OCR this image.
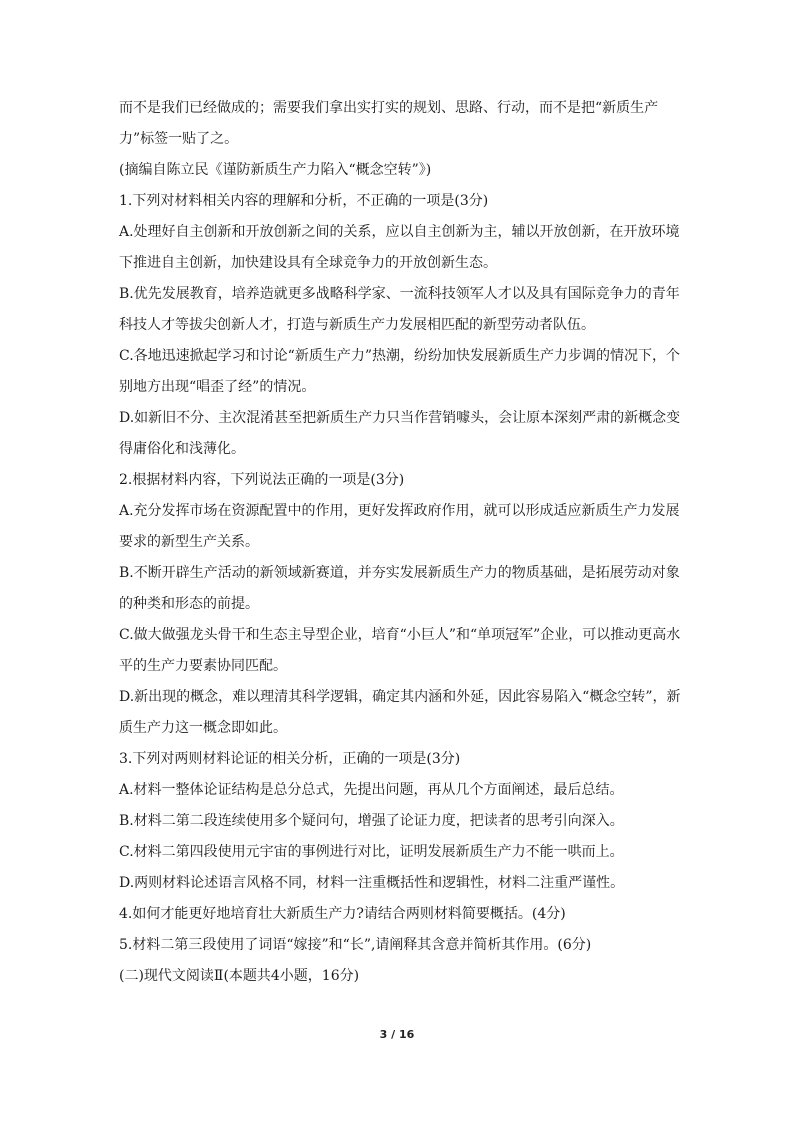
而不是我们已经做成的；需要我们拿出实打实的规划、思路、行动，而不是把“新质生产力”标签一贴了之。

(摘编自陈立民《谨防新质生产力陷入“概念空转”》)

1.下列对材料相关内容的理解和分析，不正确的一项是(3分)

A.处理好自主创新和开放创新之间的关系，应以自主创新为主，辅以开放创新，在开放环境下推进自主创新，加快建设具有全球竞争力的开放创新生态。

B.优先发展教育，培养造就更多战略科学家、一流科技领军人才以及具有国际竞争力的青年科技人才等拔尖创新人才，打造与新质生产力发展相匹配的新型劳动者队伍。

C.各地迅速掀起学习和讨论“新质生产力”热潮，纷纷加快发展新质生产力步调的情况下，个别地方出现“唱歪了经”的情况。

D.如新旧不分、主次混淆甚至把新质生产力只当作营销噱头，会让原本深刻严肃的新概念变得庸俗化和浅薄化。

2.根据材料内容，下列说法正确的一项是(3分)

A.充分发挥市场在资源配置中的作用，更好发挥政府作用，就可以形成适应新质生产力发展要求的新型生产关系。

B.不断开辟生产活动的新领域新赛道，并夯实发展新质生产力的物质基础，是拓展劳动对象的种类和形态的前提。

C.做大做强龙头骨干和生态主导型企业，培育“小巨人”和“单项冠军”企业，可以推动更高水平的生产力要素协同匹配。

D.新出现的概念，难以理清其科学逻辑，确定其内涵和外延，因此容易陷入“概念空转”，新质生产力这一概念即如此。

3.下列对两则材料论证的相关分析，正确的一项是(3分)

A.材料一整体论证结构是总分总式，先提出问题，再从几个方面阐述，最后总结。

B.材料二第二段连续使用多个疑问句，增强了论证力度，把读者的思考引向深入。

C.材料二第四段使用元宇宙的事例进行对比，证明发展新质生产力不能一哄而上。

D.两则材料论述语言风格不同，材料一注重概括性和逻辑性，材料二注重严谨性。

4.如何才能更好地培育壮大新质生产力?请结合两则材料简要概括。(4分)

5.材料二第三段使用了词语“嫁接”和“长”,请阐释其含意并简析其作用。(6分)

(二)现代文阅读Ⅱ(本题共4小题，16分)

3 / 16
